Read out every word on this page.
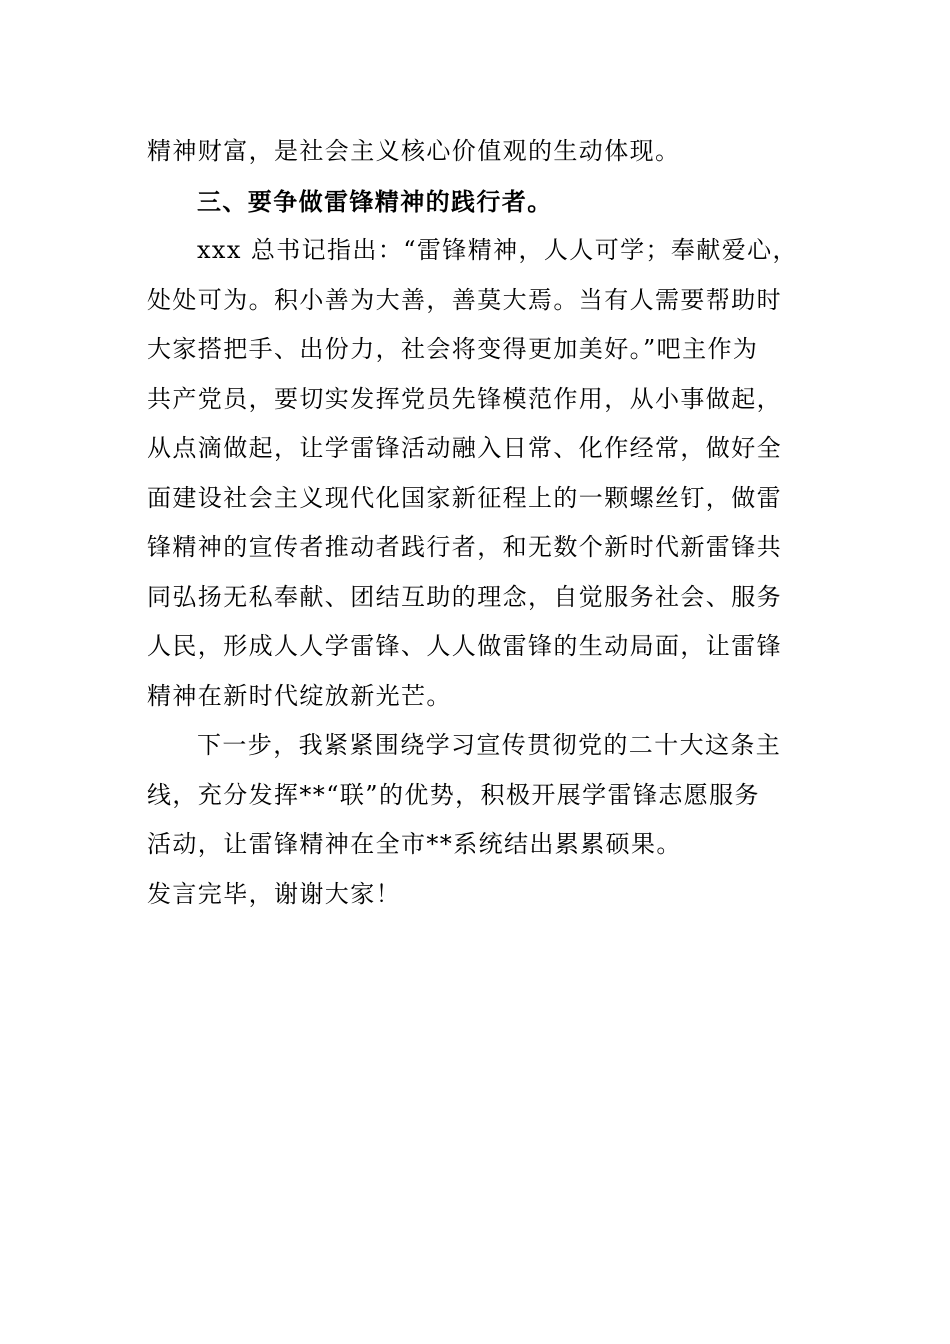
精神财富，是社会主义核心价值观的生动体现。
三、要争做雷锋精神的践行者。
xxx 总书记指出：“雷锋精神，人人可学；奉献爱心，
处处可为。积小善为大善，善莫大焉。当有人需要帮助时
大家搭把手、出份力，社会将变得更加美好。”吧主作为
共产党员，要切实发挥党员先锋模范作用，从小事做起，
从点滴做起，让学雷锋活动融入日常、化作经常，做好全
面建设社会主义现代化国家新征程上的一颗螺丝钉，做雷
锋精神的宣传者推动者践行者，和无数个新时代新雷锋共
同弘扬无私奉献、团结互助的理念，自觉服务社会、服务
人民，形成人人学雷锋、人人做雷锋的生动局面，让雷锋
精神在新时代绽放新光芒。
下一步，我紧紧围绕学习宣传贯彻党的二十大这条主
线，充分发挥**“联”的优势，积极开展学雷锋志愿服务
活动，让雷锋精神在全市**系统结出累累硕果。
发言完毕，谢谢大家！
